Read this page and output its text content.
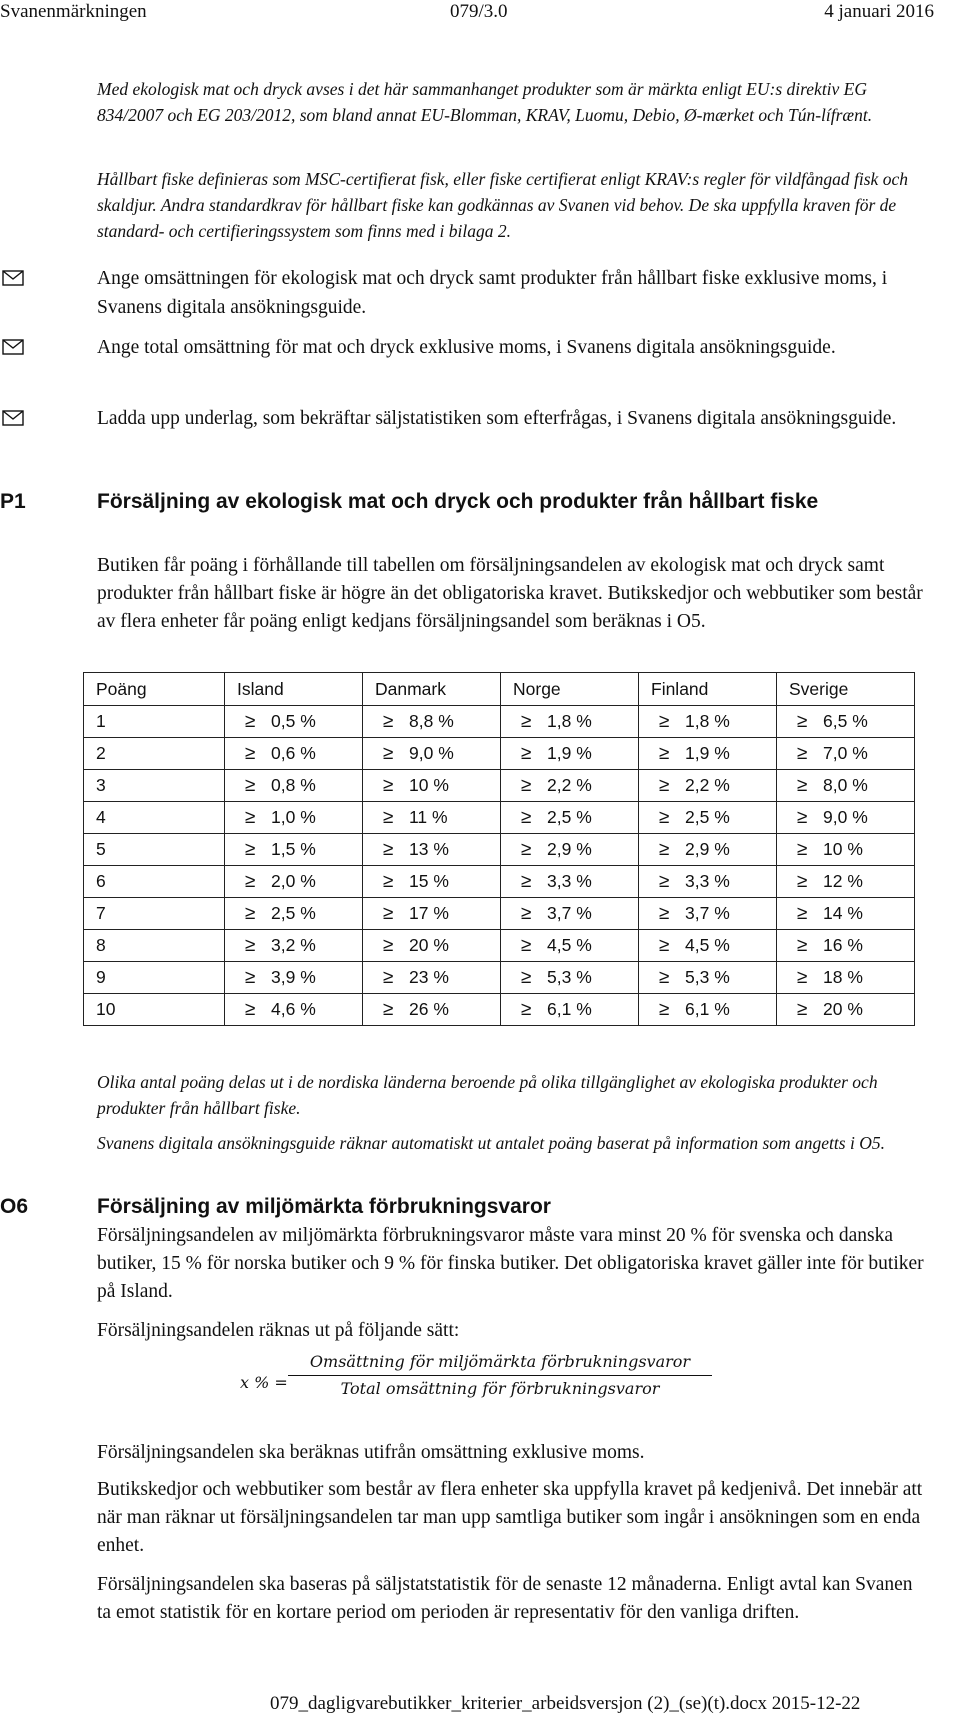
Svanenmärkningen	079/3.0	4 januari 2016

Med ekologisk mat och dryck avses i det här sammanhanget produkter som är märkta enligt EU:s direktiv EG 834/2007 och EG 203/2012, som bland annat EU-Blomman, KRAV, Luomu, Debio, Ø-mærket och Tún-lífrænt.

Hållbart fiske definieras som MSC-certifierat fisk, eller fiske certifierat enligt KRAV:s regler för vildfångad fisk och skaldjur. Andra standardkrav för hållbart fiske kan godkännas av Svanen vid behov. De ska uppfylla kraven för de standard- och certifieringssystem som finns med i bilaga 2.

Ange omsättningen för ekologisk mat och dryck samt produkter från hållbart fiske exklusive moms, i Svanens digitala ansökningsguide.

Ange total omsättning för mat och dryck exklusive moms, i Svanens digitala ansökningsguide.

Ladda upp underlag, som bekräftar säljstatistiken som efterfrågas, i Svanens digitala ansökningsguide.

P1	Försäljning av ekologisk mat och dryck och produkter från hållbart fiske

Butiken får poäng i förhållande till tabellen om försäljningsandelen av ekologisk mat och dryck samt produkter från hållbart fiske är högre än det obligatoriska kravet. Butikskedjor och webbutiker som består av flera enheter får poäng enligt kedjans försäljningsandel som beräknas i O5.

Poäng	Island	Danmark	Norge	Finland	Sverige
1	≥ 0,5 %	≥ 8,8 %	≥ 1,8 %	≥ 1,8 %	≥ 6,5 %
2	≥ 0,6 %	≥ 9,0 %	≥ 1,9 %	≥ 1,9 %	≥ 7,0 %
3	≥ 0,8 %	≥ 10 %	≥ 2,2 %	≥ 2,2 %	≥ 8,0 %
4	≥ 1,0 %	≥ 11 %	≥ 2,5 %	≥ 2,5 %	≥ 9,0 %
5	≥ 1,5 %	≥ 13 %	≥ 2,9 %	≥ 2,9 %	≥ 10 %
6	≥ 2,0 %	≥ 15 %	≥ 3,3 %	≥ 3,3 %	≥ 12 %
7	≥ 2,5 %	≥ 17 %	≥ 3,7 %	≥ 3,7 %	≥ 14 %
8	≥ 3,2 %	≥ 20 %	≥ 4,5 %	≥ 4,5 %	≥ 16 %
9	≥ 3,9 %	≥ 23 %	≥ 5,3 %	≥ 5,3 %	≥ 18 %
10	≥ 4,6 %	≥ 26 %	≥ 6,1 %	≥ 6,1 %	≥ 20 %

Olika antal poäng delas ut i de nordiska länderna beroende på olika tillgänglighet av ekologiska produkter och produkter från hållbart fiske.

Svanens digitala ansökningsguide räknar automatiskt ut antalet poäng baserat på information som angetts i O5.

O6	Försäljning av miljömärkta förbrukningsvaror

Försäljningsandelen av miljömärkta förbrukningsvaror måste vara minst 20 % för svenska och danska butiker, 15 % för norska butiker och 9 % för finska butiker. Det obligatoriska kravet gäller inte för butiker på Island.

Försäljningsandelen räknas ut på följande sätt:

x % =
Omsättning för miljömärkta förbrukningsvaror
Total omsättning för förbrukningsvaror

Försäljningsandelen ska beräknas utifrån omsättning exklusive moms.

Butikskedjor och webbutiker som består av flera enheter ska uppfylla kravet på kedjenivå. Det innebär att när man räknar ut försäljningsandelen tar man upp samtliga butiker som ingår i ansökningen som en enda enhet.

Försäljningsandelen ska baseras på säljstatstatistik för de senaste 12 månaderna. Enligt avtal kan Svanen ta emot statistik för en kortare period om perioden är representativ för den vanliga driften.

079_dagligvarebutikker_kriterier_arbeidsversjon (2)_(se)(t).docx 2015-12-22
